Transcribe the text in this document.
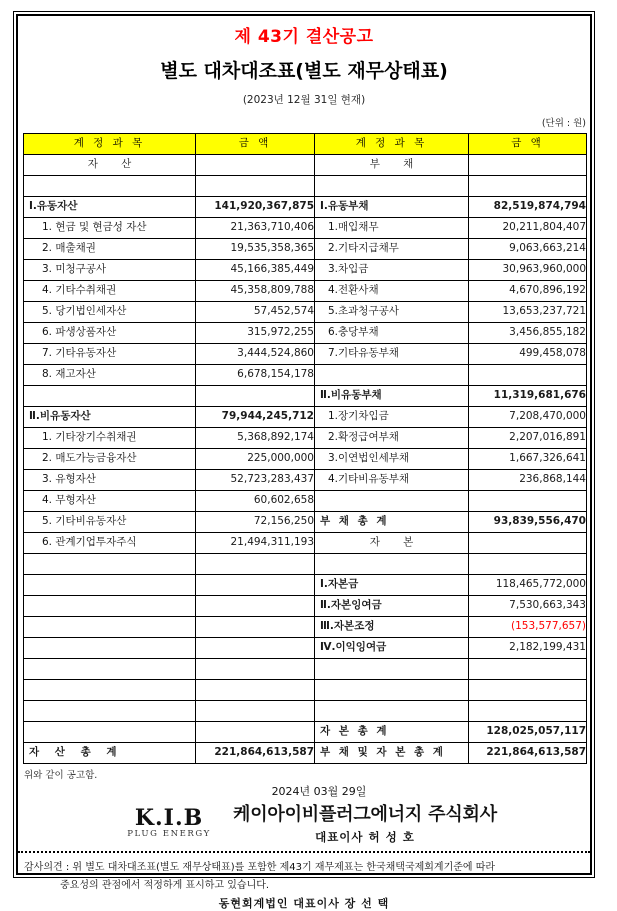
제 43기 결산공고
별도 대차대조표(별도 재무상태표)
(2023년 12월 31일 현재)
(단위 : 원)
계 정 과 목	금 액	계 정 과 목	금 액
자 산		부 채	

Ⅰ.유동자산	141,920,367,875	Ⅰ.유동부채	82,519,874,794
1. 현금 및 현금성 자산	21,363,710,406	1.매입채무	20,211,804,407
2. 매출채권	19,535,358,365	2.기타지급채무	9,063,663,214
3. 미청구공사	45,166,385,449	3.차입금	30,963,960,000
4. 기타수취채권	45,358,809,788	4.전환사채	4,670,896,192
5. 당기법인세자산	57,452,574	5.초과청구공사	13,653,237,721
6. 파생상품자산	315,972,255	6.충당부채	3,456,855,182
7. 기타유동자산	3,444,524,860	7.기타유동부채	499,458,078
8. 재고자산	6,678,154,178		
		Ⅱ.비유동부채	11,319,681,676
Ⅱ.비유동자산	79,944,245,712	1.장기차입금	7,208,470,000
1. 기타장기수취채권	5,368,892,174	2.확정급여부채	2,207,016,891
2. 매도가능금융자산	225,000,000	3.이연법인세부채	1,667,326,641
3. 유형자산	52,723,283,437	4.기타비유동부채	236,868,144
4. 무형자산	60,602,658		
5. 기타비유동자산	72,156,250	부 채 총 계	93,839,556,470
6. 관계기업투자주식	21,494,311,193	자 본	

		Ⅰ.자본금	118,465,772,000
		Ⅱ.자본잉여금	7,530,663,343
		Ⅲ.자본조정	(153,577,657)
		Ⅳ.이익잉여금	2,182,199,431

		자 본 총 계	128,025,057,117
자 산 총 계	221,864,613,587	부 채 및 자 본 총 계	221,864,613,587
위와 같이 공고함.
2024년 03월 29일
K.I.B
PLUG ENERGY
케이아이비플러그에너지 주식회사
대표이사 허 성 호
감사의견 : 위 별도 대차대조표(별도 재무상태표)를 포함한 제43기 재무제표는 한국채택국제회계기준에 따라
중요성의 관점에서 적정하게 표시하고 있습니다.
동현회계법인 대표이사 장 선 택
